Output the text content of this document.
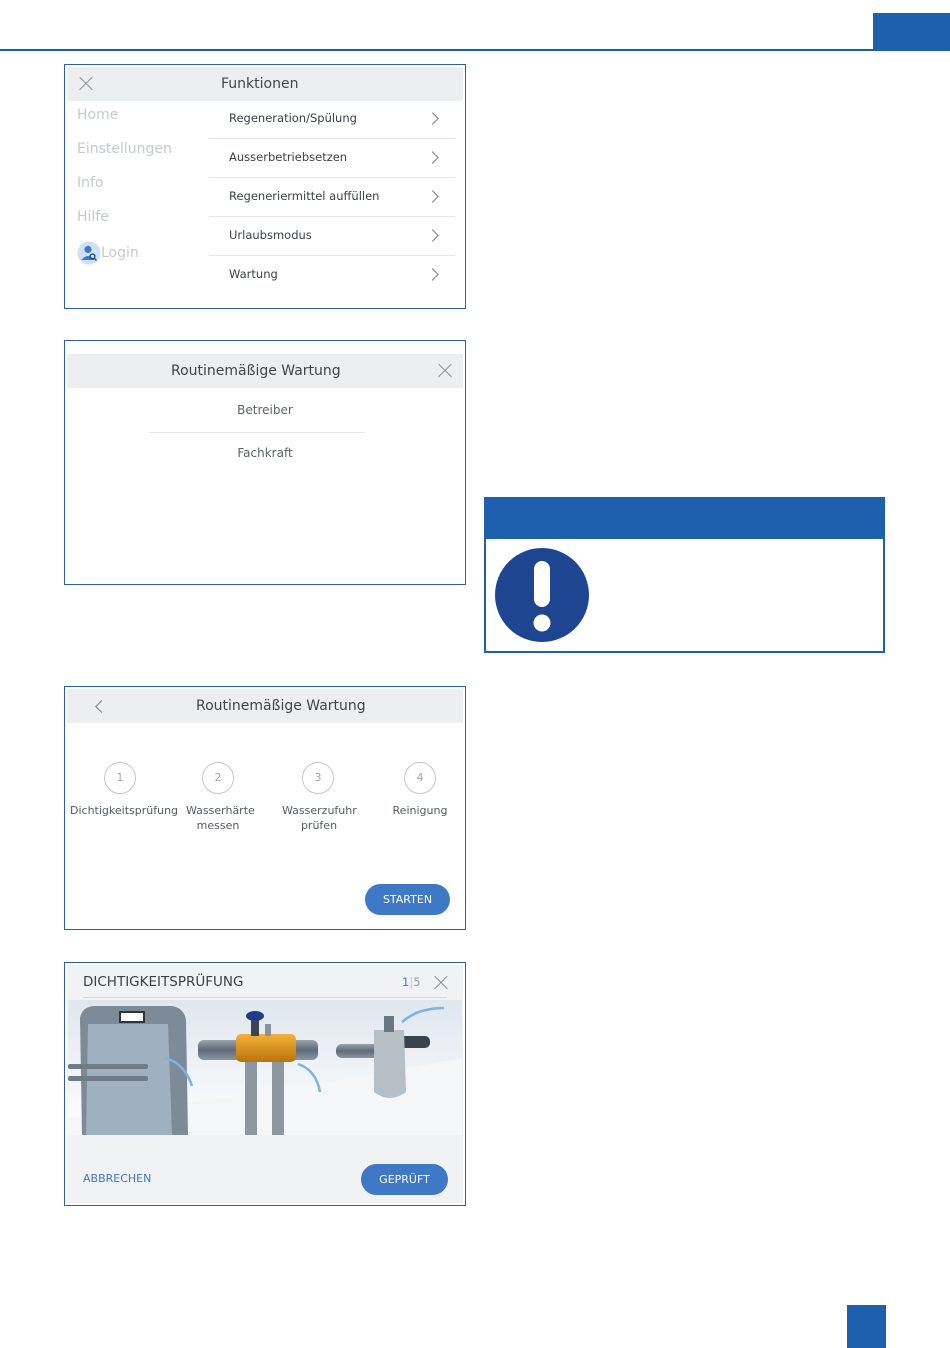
Funktionen
Home
Einstellungen
Info
Hilfe
Login
Regeneration/Spülung
Ausserbetriebsetzen
Regeneriermittel auffüllen
Urlaubsmodus
Wartung
Routinemäßige Wartung
Betreiber
Fachkraft
Routinemäßige Wartung
1
Dichtigkeitsprüfung
2
Wasserhärte messen
3
Wasserzufuhr prüfen
4
Reinigung
STARTEN
DICHTIGKEITSPRÜFUNG	1|5
ABBRECHEN	GEPRÜFT
